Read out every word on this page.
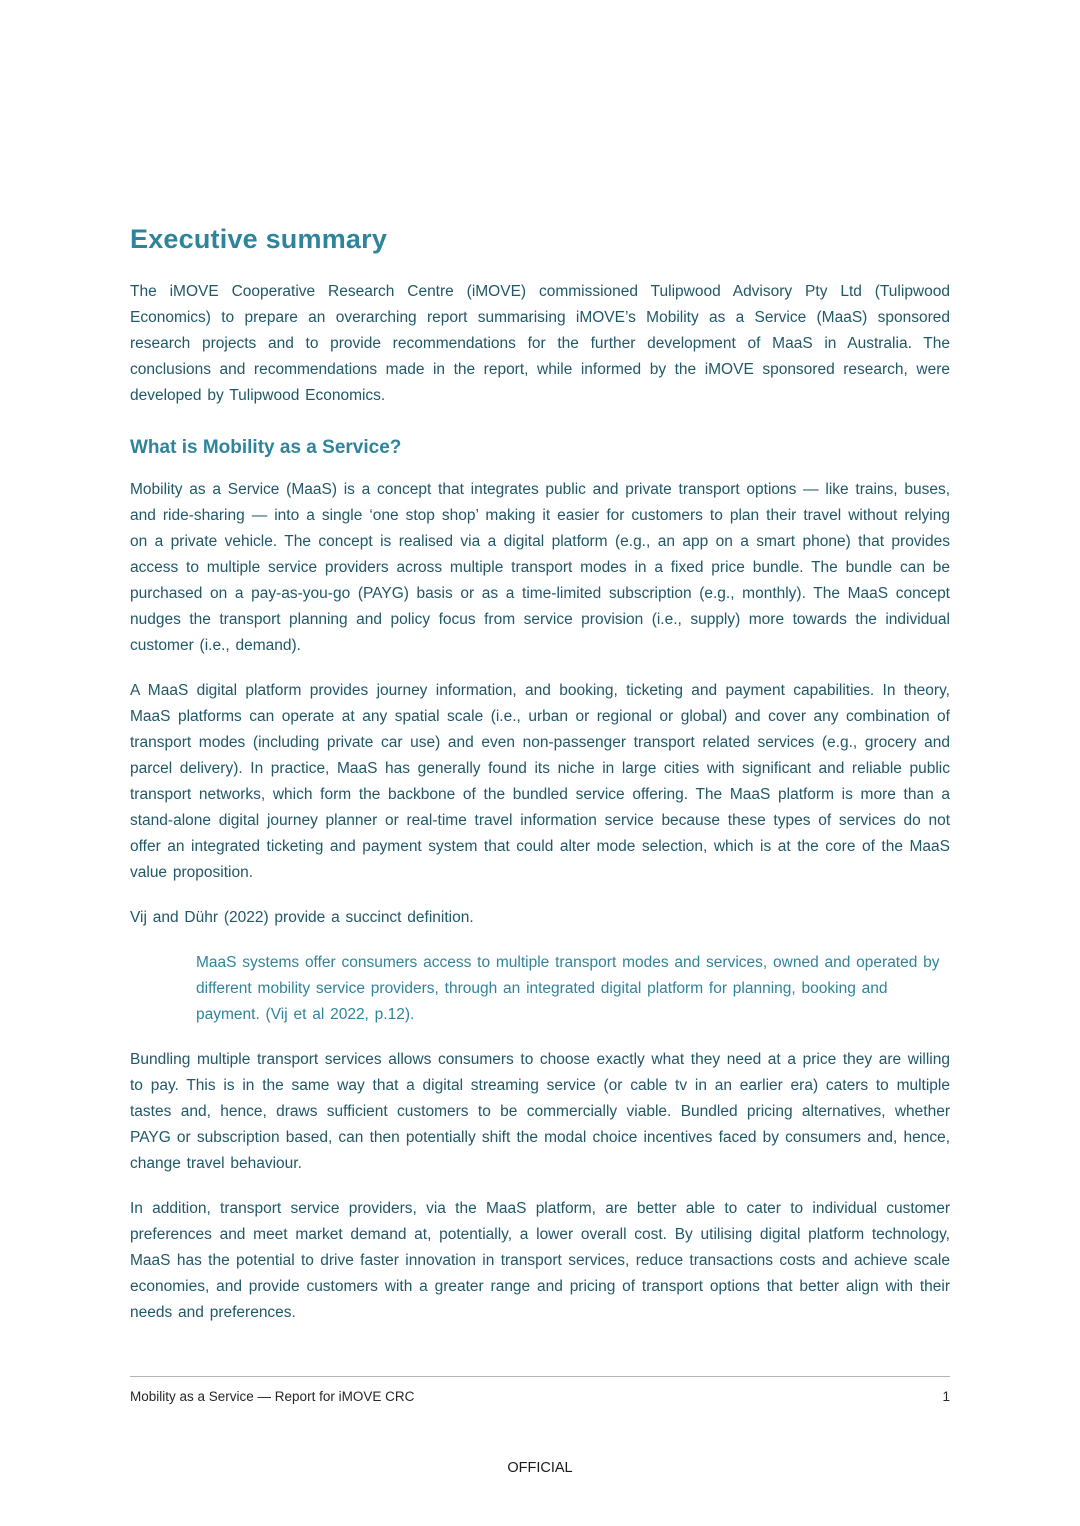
Executive summary

The iMOVE Cooperative Research Centre (iMOVE) commissioned Tulipwood Advisory Pty Ltd (Tulipwood Economics) to prepare an overarching report summarising iMOVE’s Mobility as a Service (MaaS) sponsored research projects and to provide recommendations for the further development of MaaS in Australia. The conclusions and recommendations made in the report, while informed by the iMOVE sponsored research, were developed by Tulipwood Economics.

What is Mobility as a Service?

Mobility as a Service (MaaS) is a concept that integrates public and private transport options — like trains, buses, and ride-sharing — into a single ‘one stop shop’ making it easier for customers to plan their travel without relying on a private vehicle. The concept is realised via a digital platform (e.g., an app on a smart phone) that provides access to multiple service providers across multiple transport modes in a fixed price bundle. The bundle can be purchased on a pay-as-you-go (PAYG) basis or as a time-limited subscription (e.g., monthly). The MaaS concept nudges the transport planning and policy focus from service provision (i.e., supply) more towards the individual customer (i.e., demand).

A MaaS digital platform provides journey information, and booking, ticketing and payment capabilities. In theory, MaaS platforms can operate at any spatial scale (i.e., urban or regional or global) and cover any combination of transport modes (including private car use) and even non-passenger transport related services (e.g., grocery and parcel delivery). In practice, MaaS has generally found its niche in large cities with significant and reliable public transport networks, which form the backbone of the bundled service offering. The MaaS platform is more than a stand-alone digital journey planner or real-time travel information service because these types of services do not offer an integrated ticketing and payment system that could alter mode selection, which is at the core of the MaaS value proposition.

Vij and Dühr (2022) provide a succinct definition.

MaaS systems offer consumers access to multiple transport modes and services, owned and operated by different mobility service providers, through an integrated digital platform for planning, booking and payment. (Vij et al 2022, p.12).

Bundling multiple transport services allows consumers to choose exactly what they need at a price they are willing to pay. This is in the same way that a digital streaming service (or cable tv in an earlier era) caters to multiple tastes and, hence, draws sufficient customers to be commercially viable. Bundled pricing alternatives, whether PAYG or subscription based, can then potentially shift the modal choice incentives faced by consumers and, hence, change travel behaviour.

In addition, transport service providers, via the MaaS platform, are better able to cater to individual customer preferences and meet market demand at, potentially, a lower overall cost. By utilising digital platform technology, MaaS has the potential to drive faster innovation in transport services, reduce transactions costs and achieve scale economies, and provide customers with a greater range and pricing of transport options that better align with their needs and preferences.

Mobility as a Service — Report for iMOVE CRC	1
OFFICIAL
